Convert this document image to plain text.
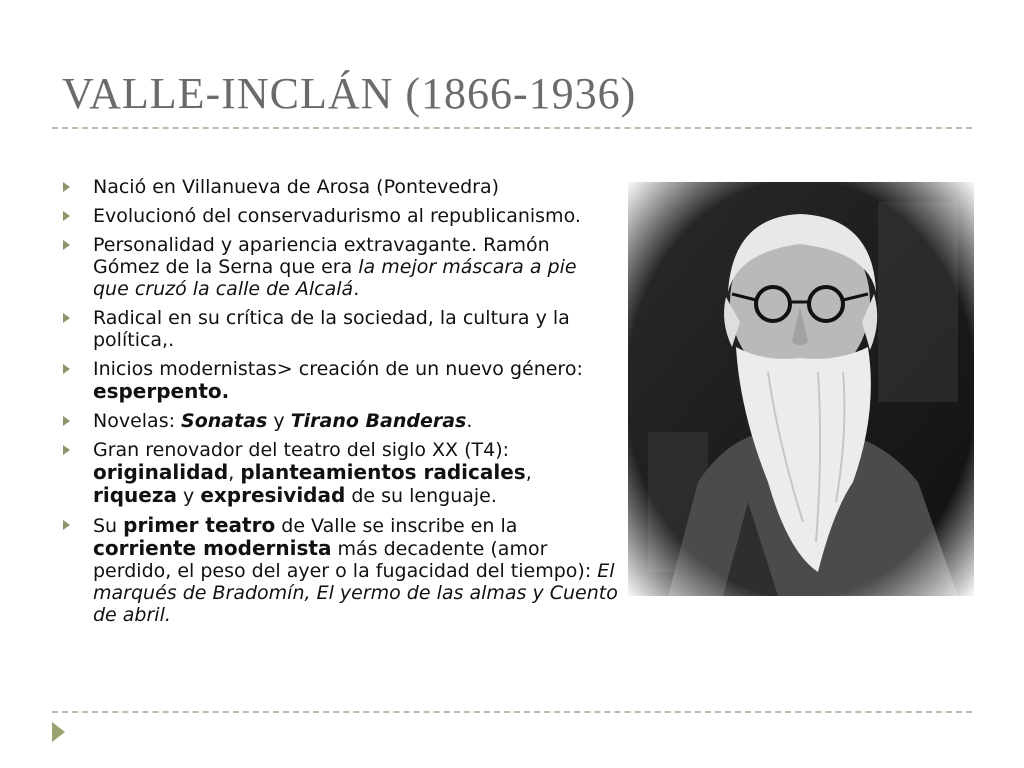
VALLE-INCLÁN (1866-1936)
Nació en Villanueva de Arosa (Pontevedra)
Evolucionó del conservadurismo al republicanismo.
Personalidad y apariencia extravagante. Ramón Gómez de la Serna que era la mejor máscara a pie que cruzó la calle de Alcalá.
Radical en su crítica de la sociedad, la cultura y la política,.
Inicios modernistas> creación de un nuevo género: esperpento.
Novelas: Sonatas y Tirano Banderas.
Gran renovador del teatro del siglo XX (T4): originalidad, planteamientos radicales, riqueza y expresividad de su lenguaje.
Su primer teatro de Valle se inscribe en la corriente modernista más decadente (amor perdido, el peso del ayer o la fugacidad del tiempo): El marqués de Bradomín, El yermo de las almas y Cuento de abril.
